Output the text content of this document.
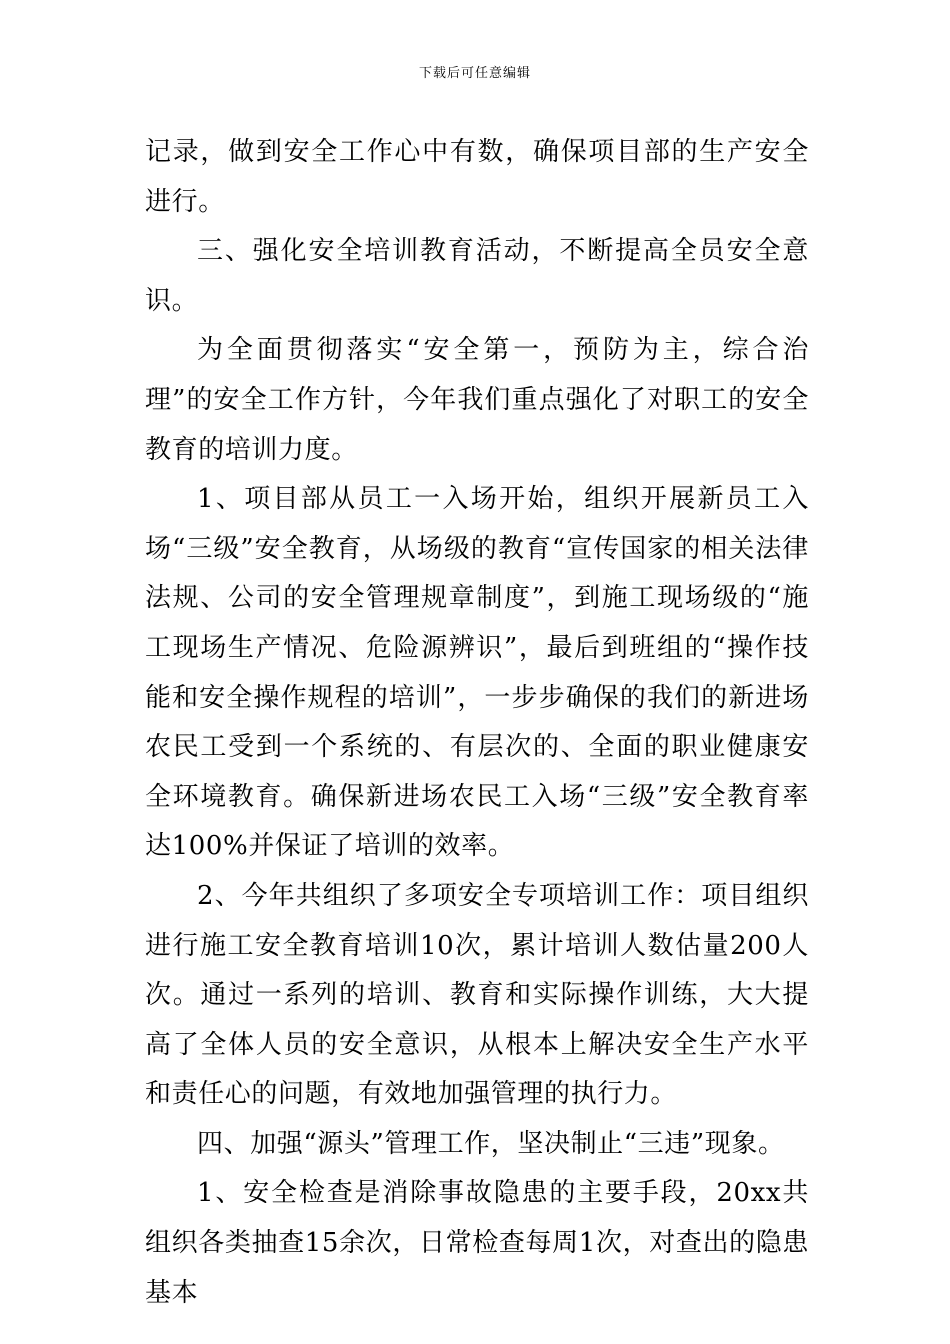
下载后可任意编辑

记录，做到安全工作心中有数，确保项目部的生产安全进行。

三、强化安全培训教育活动，不断提高全员安全意识。

为全面贯彻落实“安全第一，预防为主，综合治理”的安全工作方针，今年我们重点强化了对职工的安全教育的培训力度。

1、项目部从员工一入场开始，组织开展新员工入场“三级”安全教育，从场级的教育“宣传国家的相关法律法规、公司的安全管理规章制度”，到施工现场级的“施工现场生产情况、危险源辨识”，最后到班组的“操作技能和安全操作规程的培训”，一步步确保的我们的新进场农民工受到一个系统的、有层次的、全面的职业健康安全环境教育。确保新进场农民工入场“三级”安全教育率达100%并保证了培训的效率。

2、今年共组织了多项安全专项培训工作：项目组织进行施工安全教育培训10次，累计培训人数估量200人次。通过一系列的培训、教育和实际操作训练，大大提高了全体人员的安全意识，从根本上解决安全生产水平和责任心的问题，有效地加强管理的执行力。

四、加强“源头”管理工作，坚决制止“三违”现象。

1、安全检查是消除事故隐患的主要手段，20xx共组织各类抽查15余次，日常检查每周1次，对查出的隐患基本
